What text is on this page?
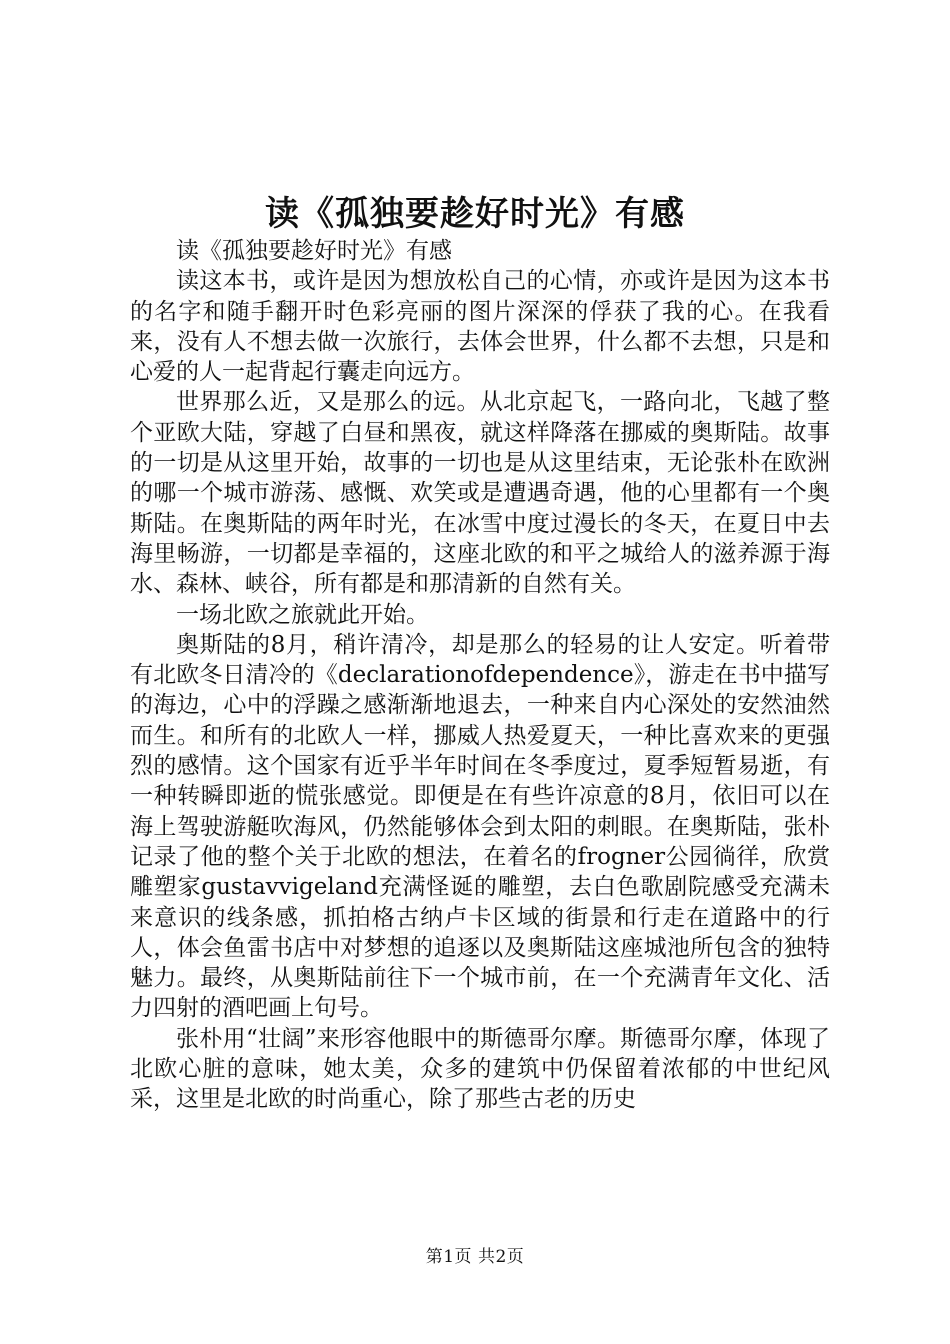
读《孤独要趁好时光》有感

读《孤独要趁好时光》有感

读这本书，或许是因为想放松自己的心情，亦或许是因为这本书的名字和随手翻开时色彩亮丽的图片深深的俘获了我的心。在我看来，没有人不想去做一次旅行，去体会世界，什么都不去想，只是和心爱的人一起背起行囊走向远方。

世界那么近，又是那么的远。从北京起飞，一路向北，飞越了整个亚欧大陆，穿越了白昼和黑夜，就这样降落在挪威的奥斯陆。故事的一切是从这里开始，故事的一切也是从这里结束，无论张朴在欧洲的哪一个城市游荡、感慨、欢笑或是遭遇奇遇，他的心里都有一个奥斯陆。在奥斯陆的两年时光，在冰雪中度过漫长的冬天，在夏日中去海里畅游，一切都是幸福的，这座北欧的和平之城给人的滋养源于海水、森林、峡谷，所有都是和那清新的自然有关。

一场北欧之旅就此开始。

奥斯陆的8月，稍许清冷，却是那么的轻易的让人安定。听着带有北欧冬日清冷的《declarationofdependence》，游走在书中描写的海边，心中的浮躁之感渐渐地退去，一种来自内心深处的安然油然而生。和所有的北欧人一样，挪威人热爱夏天，一种比喜欢来的更强烈的感情。这个国家有近乎半年时间在冬季度过，夏季短暂易逝，有一种转瞬即逝的慌张感觉。即便是在有些许凉意的8月，依旧可以在海上驾驶游艇吹海风，仍然能够体会到太阳的刺眼。在奥斯陆，张朴记录了他的整个关于北欧的想法，在着名的frogner公园徜徉，欣赏雕塑家gustavvigeland充满怪诞的雕塑，去白色歌剧院感受充满未来意识的线条感，抓拍格古纳卢卡区域的街景和行走在道路中的行人，体会鱼雷书店中对梦想的追逐以及奥斯陆这座城池所包含的独特魅力。最终，从奥斯陆前往下一个城市前，在一个充满青年文化、活力四射的酒吧画上句号。

张朴用“壮阔”来形容他眼中的斯德哥尔摩。斯德哥尔摩，体现了北欧心脏的意味，她太美，众多的建筑中仍保留着浓郁的中世纪风采，这里是北欧的时尚重心，除了那些古老的历史

第1页 共2页
